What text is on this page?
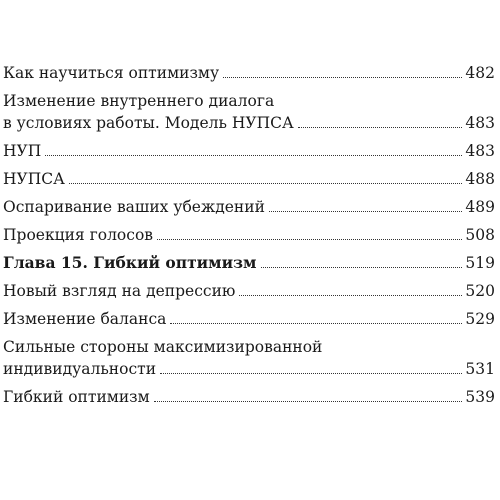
Как научиться оптимизму	482
Изменение внутреннего диалога
в условиях работы. Модель НУПСА	483
НУП	483
НУПСА	488
Оспаривание ваших убеждений	489
Проекция голосов	508
Глава 15. Гибкий оптимизм	519
Новый взгляд на депрессию	520
Изменение баланса	529
Сильные стороны максимизированной
индивидуальности	531
Гибкий оптимизм	539
